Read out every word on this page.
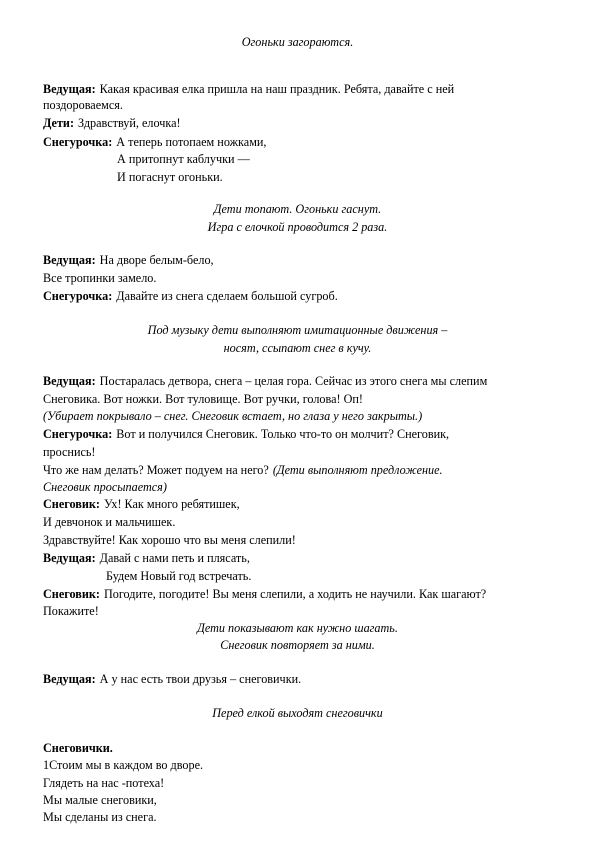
Огоньки загораются.
Ведущая: Какая красивая елка пришла на наш праздник. Ребята, давайте с ней
поздороваемся.
Дети: Здравствуй, елочка!
Снегурочка: А теперь потопаем ножками,
А притопнут каблучки —
И погаснут огоньки.
Дети топают. Огоньки гаснут.
Игра с елочкой проводится 2 раза.
Ведущая: На дворе белым-бело,
Все тропинки замело.
Снегурочка: Давайте из снега сделаем большой сугроб.
Под музыку дети выполняют имитационные движения –
носят, ссыпают снег в кучу.
Ведущая: Постаралась детвора, снега – целая гора. Сейчас из этого снега мы слепим
Снеговика. Вот ножки. Вот туловище. Вот ручки, голова! Оп!
(Убирает покрывало – снег. Снеговик встает, но глаза у него закрыты.)
Снегурочка: Вот и получился Снеговик. Только что-то он молчит? Снеговик,
проснись!
Что же нам делать? Может подуем на него? (Дети выполняют предложение.
Снеговик просыпается)
Снеговик: Ух! Как много ребятишек,
И девчонок и мальчишек.
Здравствуйте! Как хорошо что вы меня слепили!
Ведущая: Давай с нами петь и плясать,
Будем Новый год встречать.
Снеговик: Погодите, погодите! Вы меня слепили, а ходить не научили. Как шагают?
Покажите!
Дети показывают как нужно шагать.
Снеговик повторяет за ними.
Ведущая: А у нас есть твои друзья – снеговички.
Перед елкой выходят снеговички
Снеговички.
1Стоим мы в каждом во дворе.
Глядеть на нас -потеха!
Мы малые снеговики,
Мы сделаны из снега.
